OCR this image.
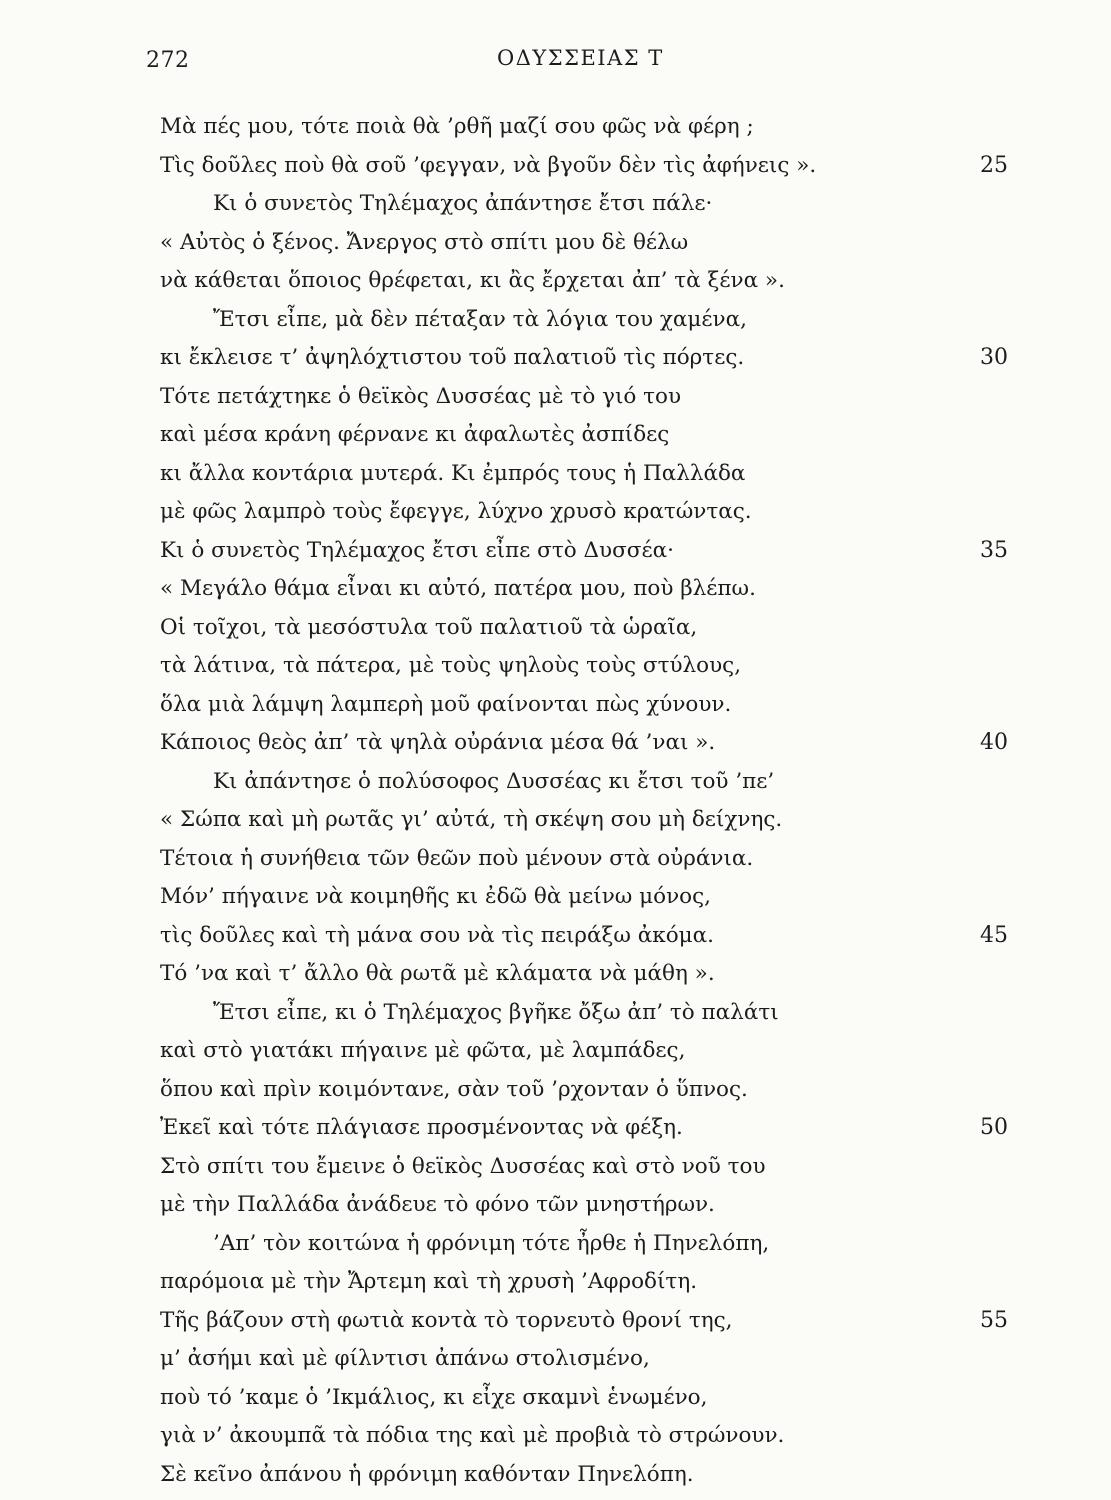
272	ΟΔΥΣΣΕΙΑΣ Τ
Μὰ πές μου, τότε ποιὰ θὰ ’ρθῆ μαζί σου φῶς νὰ φέρη ;
Τὶς δοῦλες ποὺ θὰ σοῦ ’φεγγαν, νὰ βγοῦν δὲν τὶς ἀφήνεις ».	25
Κι ὁ συνετὸς Τηλέμαχος ἀπάντησε ἔτσι πάλε·
« Αὐτὸς ὁ ξένος. Ἄνεργος στὸ σπίτι μου δὲ θέλω
νὰ κάθεται ὅποιος θρέφεται, κι ἂς ἔρχεται ἀπ’ τὰ ξένα ».
Ἔτσι εἶπε, μὰ δὲν πέταξαν τὰ λόγια του χαμένα,
κι ἔκλεισε τ’ ἀψηλόχτιστου τοῦ παλατιοῦ τὶς πόρτες.	30
Τότε πετάχτηκε ὁ θεϊκὸς Δυσσέας μὲ τὸ γιό του
καὶ μέσα κράνη φέρνανε κι ἀφαλωτὲς ἀσπίδες
κι ἄλλα κοντάρια μυτερά. Κι ἐμπρός τους ἡ Παλλάδα
μὲ φῶς λαμπρὸ τοὺς ἔφεγγε, λύχνο χρυσὸ κρατώντας.
Κι ὁ συνετὸς Τηλέμαχος ἔτσι εἶπε στὸ Δυσσέα·	35
« Μεγάλο θάμα εἶναι κι αὐτό, πατέρα μου, ποὺ βλέπω.
Οἱ τοῖχοι, τὰ μεσόστυλα τοῦ παλατιοῦ τὰ ὡραῖα,
τὰ λάτινα, τὰ πάτερα, μὲ τοὺς ψηλοὺς τοὺς στύλους,
ὅλα μιὰ λάμψη λαμπερὴ μοῦ φαίνονται πὼς χύνουν.
Κάποιος θεὸς ἀπ’ τὰ ψηλὰ οὐράνια μέσα θά ’ναι ».	40
Κι ἀπάντησε ὁ πολύσοφος Δυσσέας κι ἔτσι τοῦ ’πε’
« Σώπα καὶ μὴ ρωτᾶς γι’ αὐτά, τὴ σκέψη σου μὴ δείχνης.
Τέτοια ἡ συνήθεια τῶν θεῶν ποὺ μένουν στὰ οὐράνια.
Μόν’ πήγαινε νὰ κοιμηθῆς κι ἐδῶ θὰ μείνω μόνος,
τὶς δοῦλες καὶ τὴ μάνα σου νὰ τὶς πειράξω ἀκόμα.	45
Τό ’να καὶ τ’ ἄλλο θὰ ρωτᾶ μὲ κλάματα νὰ μάθη ».
Ἔτσι εἶπε, κι ὁ Τηλέμαχος βγῆκε ὄξω ἀπ’ τὸ παλάτι
καὶ στὸ γιατάκι πήγαινε μὲ φῶτα, μὲ λαμπάδες,
ὅπου καὶ πρὶν κοιμόντανε, σὰν τοῦ ’ρχονταν ὁ ὕπνος.
Ἐκεῖ καὶ τότε πλάγιασε προσμένοντας νὰ φέξη.	50
Στὸ σπίτι του ἔμεινε ὁ θεϊκὸς Δυσσέας καὶ στὸ νοῦ του
μὲ τὴν Παλλάδα ἀνάδευε τὸ φόνο τῶν μνηστήρων.
’Απ’ τὸν κοιτώνα ἡ φρόνιμη τότε ἦρθε ἡ Πηνελόπη,
παρόμοια μὲ τὴν Ἄρτεμη καὶ τὴ χρυσὴ ’Αφροδίτη.
Τῆς βάζουν στὴ φωτιὰ κοντὰ τὸ τορνευτὸ θρονί της,	55
μ’ ἀσήμι καὶ μὲ φίλντισι ἀπάνω στολισμένο,
ποὺ τό ’καμε ὁ ’Ικμάλιος, κι εἶχε σκαμνὶ ἑνωμένο,
γιὰ ν’ ἀκουμπᾶ τὰ πόδια της καὶ μὲ προβιὰ τὸ στρώνουν.
Σὲ κεῖνο ἀπάνου ἡ φρόνιμη καθόνταν Πηνελόπη.
